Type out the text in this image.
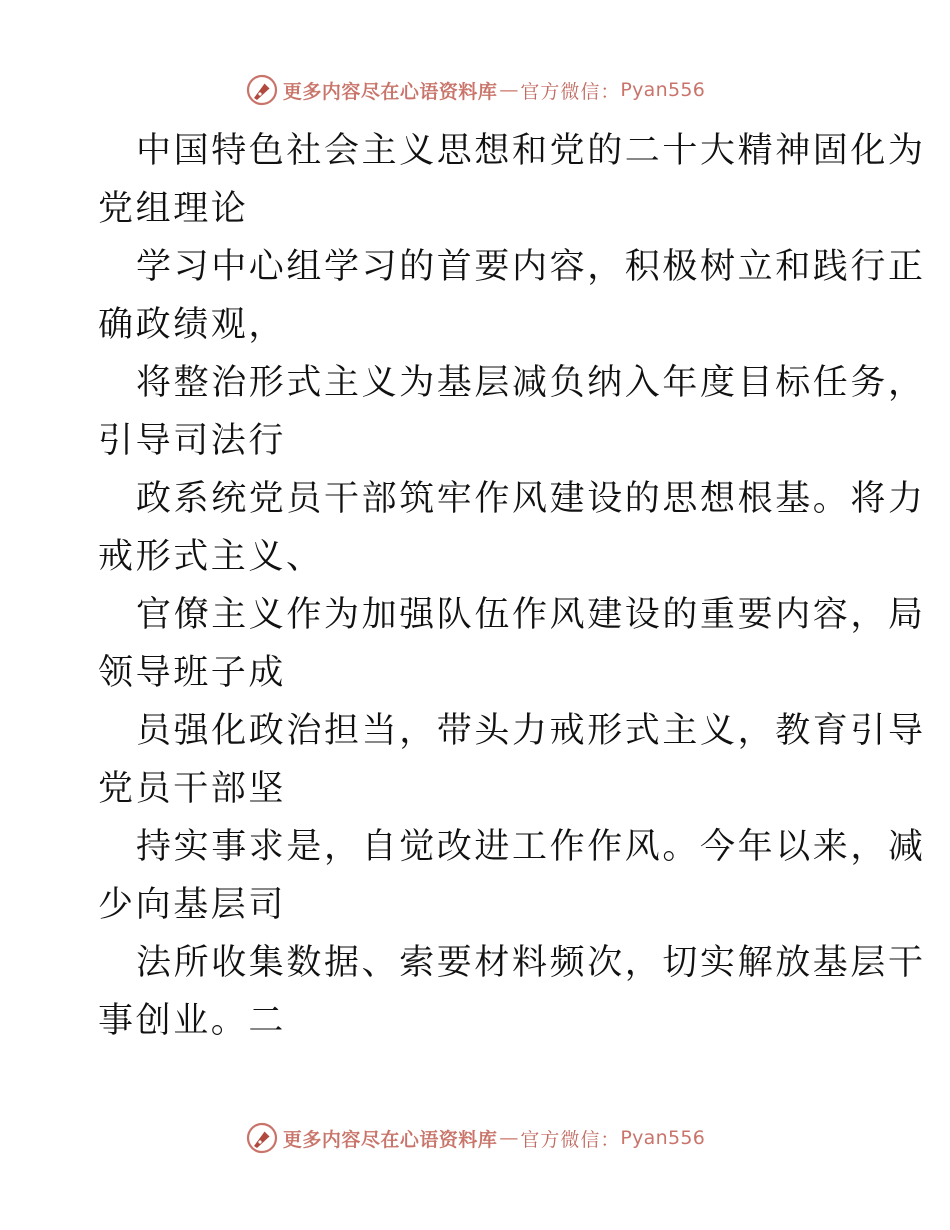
更多内容尽在心语资料库 — 官方微信： Pyan556
中国特色社会主义思想和党的二十大精神固化为
党组理论
学习中心组学习的首要内容，积极树立和践行正
确政绩观，
将整治形式主义为基层减负纳入年度目标任务，
引导司法行
政系统党员干部筑牢作风建设的思想根基。将力
戒形式主义、
官僚主义作为加强队伍作风建设的重要内容，局
领导班子成
员强化政治担当，带头力戒形式主义，教育引导
党员干部坚
持实事求是，自觉改进工作作风。今年以来，减
少向基层司
法所收集数据、索要材料频次，切实解放基层干
事创业。二
更多内容尽在心语资料库 — 官方微信： Pyan556
